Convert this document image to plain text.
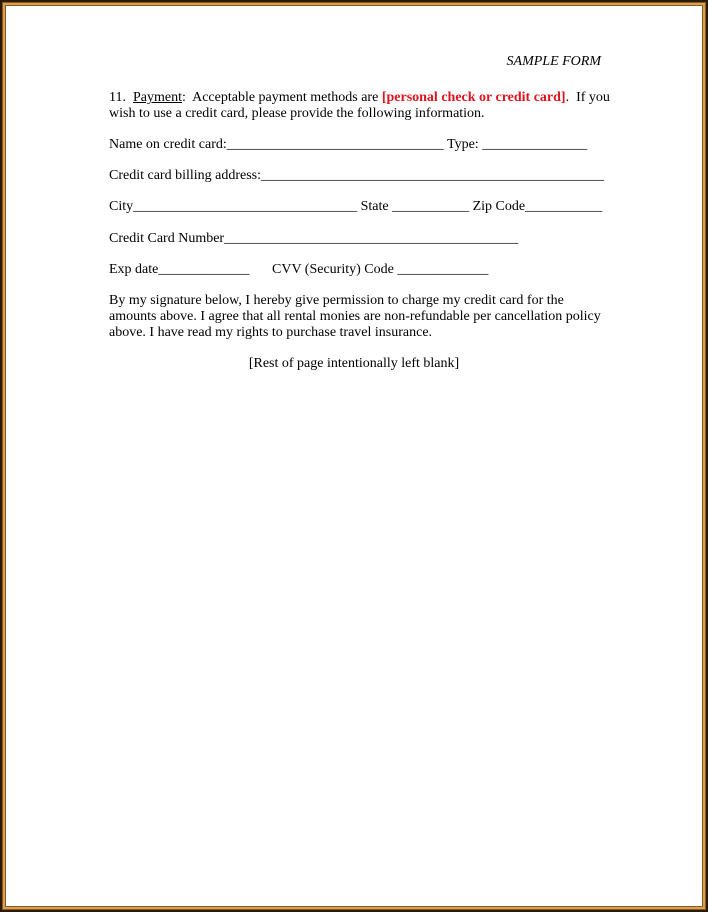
SAMPLE FORM
11. Payment:  Acceptable payment methods are [personal check or credit card].  If you
wish to use a credit card, please provide the following information.
Name on credit card:_______________________________ Type: _______________
Credit card billing address:_________________________________________________
City________________________________ State ___________ Zip Code___________
Credit Card Number__________________________________________
Exp date_____________ CVV (Security) Code _____________
By my signature below, I hereby give permission to charge my credit card for the
amounts above. I agree that all rental monies are non-refundable per cancellation policy
above. I have read my rights to purchase travel insurance.
[Rest of page intentionally left blank]
